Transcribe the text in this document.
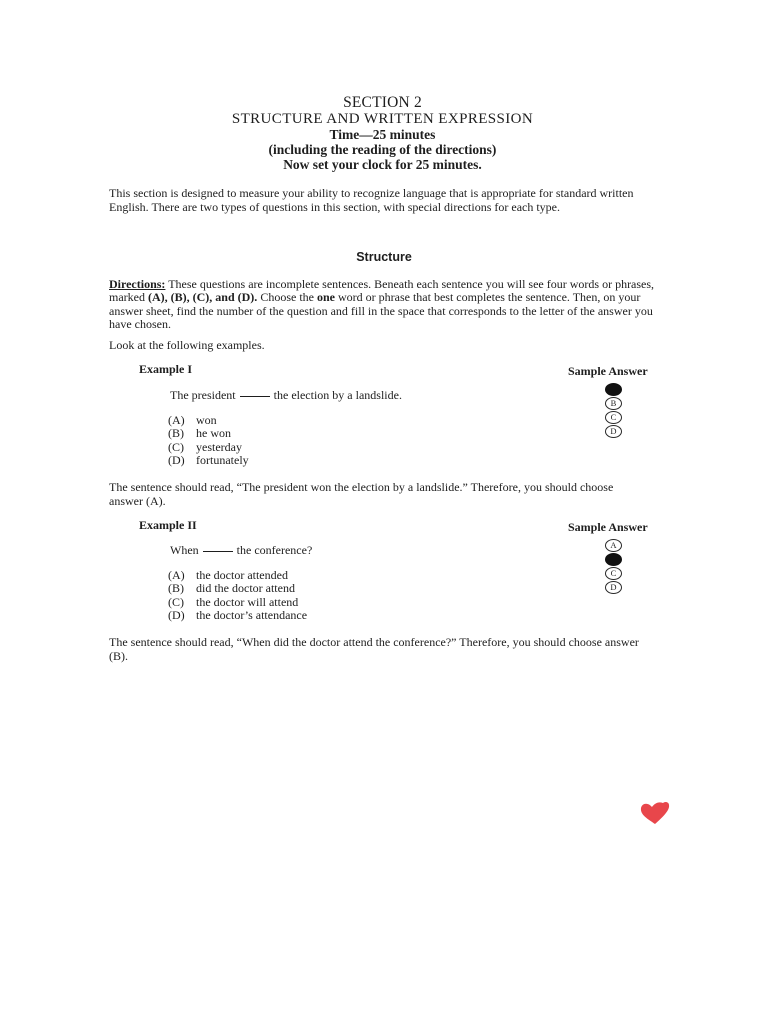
SECTION 2
STRUCTURE AND WRITTEN EXPRESSION
Time—25 minutes
(including the reading of the directions)
Now set your clock for 25 minutes.
This section is designed to measure your ability to recognize language that is appropriate for standard written English. There are two types of questions in this section, with special directions for each type.
Structure
Directions: These questions are incomplete sentences. Beneath each sentence you will see four words or phrases, marked (A), (B), (C), and (D). Choose the one word or phrase that best completes the sentence. Then, on your answer sheet, find the number of the question and fill in the space that corresponds to the letter of the answer you have chosen.
Look at the following examples.
Example I	Sample Answer
The president	the election by a landslide.
(A) won
(B) he won
(C) yesterday
(D) fortunately
B
C
D
The sentence should read, “The president won the election by a landslide.” Therefore, you should choose answer (A).
Example II	Sample Answer
When	the conference?
(A) the doctor attended
(B) did the doctor attend
(C) the doctor will attend
(D) the doctor’s attendance
A
C
D
The sentence should read, “When did the doctor attend the conference?” Therefore, you should choose answer (B).
